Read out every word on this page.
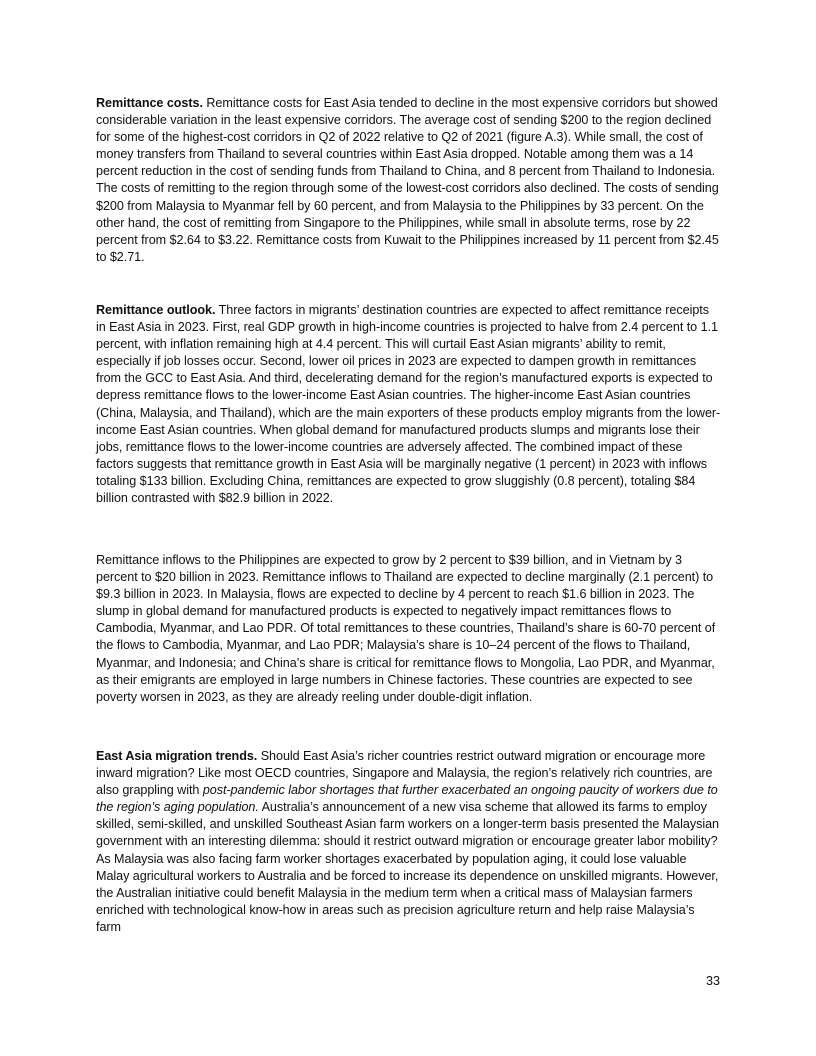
Remittance costs. Remittance costs for East Asia tended to decline in the most expensive corridors but showed considerable variation in the least expensive corridors. The average cost of sending $200 to the region declined for some of the highest-cost corridors in Q2 of 2022 relative to Q2 of 2021 (figure A.3). While small, the cost of money transfers from Thailand to several countries within East Asia dropped. Notable among them was a 14 percent reduction in the cost of sending funds from Thailand to China, and 8 percent from Thailand to Indonesia. The costs of remitting to the region through some of the lowest-cost corridors also declined. The costs of sending $200 from Malaysia to Myanmar fell by 60 percent, and from Malaysia to the Philippines by 33 percent. On the other hand, the cost of remitting from Singapore to the Philippines, while small in absolute terms, rose by 22 percent from $2.64 to $3.22. Remittance costs from Kuwait to the Philippines increased by 11 percent from $2.45 to $2.71.

Remittance outlook. Three factors in migrants’ destination countries are expected to affect remittance receipts in East Asia in 2023. First, real GDP growth in high-income countries is projected to halve from 2.4 percent to 1.1 percent, with inflation remaining high at 4.4 percent. This will curtail East Asian migrants’ ability to remit, especially if job losses occur. Second, lower oil prices in 2023 are expected to dampen growth in remittances from the GCC to East Asia. And third, decelerating demand for the region’s manufactured exports is expected to depress remittance flows to the lower-income East Asian countries. The higher-income East Asian countries (China, Malaysia, and Thailand), which are the main exporters of these products employ migrants from the lower-income East Asian countries. When global demand for manufactured products slumps and migrants lose their jobs, remittance flows to the lower-income countries are adversely affected. The combined impact of these factors suggests that remittance growth in East Asia will be marginally negative (1 percent) in 2023 with inflows totaling $133 billion. Excluding China, remittances are expected to grow sluggishly (0.8 percent), totaling $84 billion contrasted with $82.9 billion in 2022.

Remittance inflows to the Philippines are expected to grow by 2 percent to $39 billion, and in Vietnam by 3 percent to $20 billion in 2023. Remittance inflows to Thailand are expected to decline marginally (2.1 percent) to $9.3 billion in 2023. In Malaysia, flows are expected to decline by 4 percent to reach $1.6 billion in 2023. The slump in global demand for manufactured products is expected to negatively impact remittances flows to Cambodia, Myanmar, and Lao PDR. Of total remittances to these countries, Thailand’s share is 60-70 percent of the flows to Cambodia, Myanmar, and Lao PDR; Malaysia’s share is 10–24 percent of the flows to Thailand, Myanmar, and Indonesia; and China’s share is critical for remittance flows to Mongolia, Lao PDR, and Myanmar, as their emigrants are employed in large numbers in Chinese factories. These countries are expected to see poverty worsen in 2023, as they are already reeling under double-digit inflation.

East Asia migration trends. Should East Asia’s richer countries restrict outward migration or encourage more inward migration? Like most OECD countries, Singapore and Malaysia, the region’s relatively rich countries, are also grappling with post-pandemic labor shortages that further exacerbated an ongoing paucity of workers due to the region’s aging population. Australia’s announcement of a new visa scheme that allowed its farms to employ skilled, semi-skilled, and unskilled Southeast Asian farm workers on a longer-term basis presented the Malaysian government with an interesting dilemma: should it restrict outward migration or encourage greater labor mobility? As Malaysia was also facing farm worker shortages exacerbated by population aging, it could lose valuable Malay agricultural workers to Australia and be forced to increase its dependence on unskilled migrants. However, the Australian initiative could benefit Malaysia in the medium term when a critical mass of Malaysian farmers enriched with technological know-how in areas such as precision agriculture return and help raise Malaysia’s farm

33
